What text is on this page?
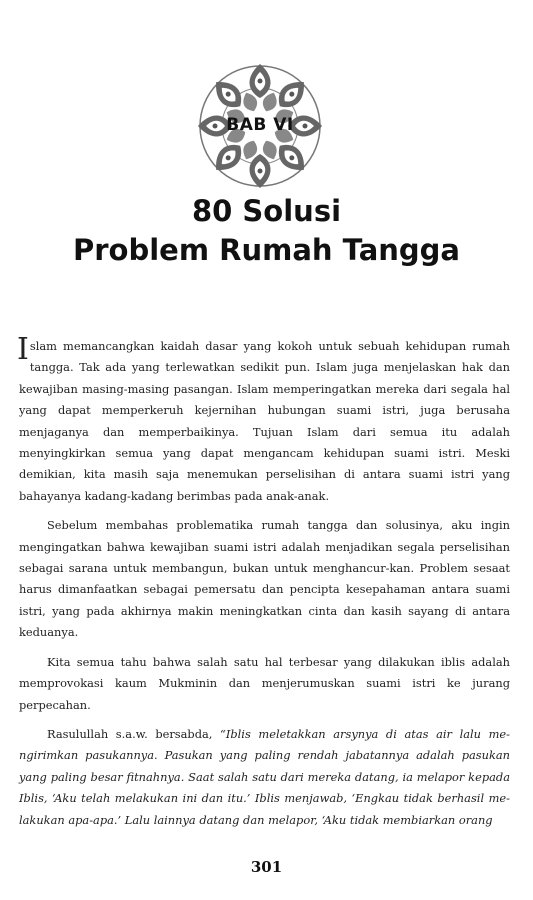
BAB VI
80 Solusi
Problem Rumah Tangga

Islam memancangkan kaidah dasar yang kokoh untuk sebuah kehidupan rumah tangga. Tak ada yang terlewatkan sedikit pun. Islam juga menjelaskan hak dan kewajiban masing-masing pasangan. Islam memperingatkan mereka dari segala hal yang dapat memperkeruh kejernihan hubungan suami istri, juga berusaha menjaganya dan memperbaikinya. Tujuan Islam dari semua itu adalah menyingkirkan semua yang dapat mengancam kehidupan suami istri. Meski demikian, kita masih saja menemukan perselisihan di antara suami istri yang bahayanya kadang-kadang berimbas pada anak-anak.

Sebelum membahas problematika rumah tangga dan solusinya, aku ingin mengingatkan bahwa kewajiban suami istri adalah menjadikan segala perselisihan sebagai sarana untuk membangun, bukan untuk menghancur-kan. Problem sesaat harus dimanfaatkan sebagai pemersatu dan pencipta kesepahaman antara suami istri, yang pada akhirnya makin meningkatkan cinta dan kasih sayang di antara keduanya.

Kita semua tahu bahwa salah satu hal terbesar yang dilakukan iblis adalah memprovokasi kaum Mukminin dan menjerumuskan suami istri ke jurang perpecahan.

Rasulullah s.a.w. bersabda, “Iblis meletakkan arsynya di atas air lalu me-ngirimkan pasukannya. Pasukan yang paling rendah jabatannya adalah pasukan yang paling besar fitnahnya. Saat salah satu dari mereka datang, ia melapor kepada Iblis, ‘Aku telah melakukan ini dan itu.’ Iblis menjawab, ‘Engkau tidak berhasil me-lakukan apa-apa.’ Lalu lainnya datang dan melapor, ‘Aku tidak membiarkan orang

301
